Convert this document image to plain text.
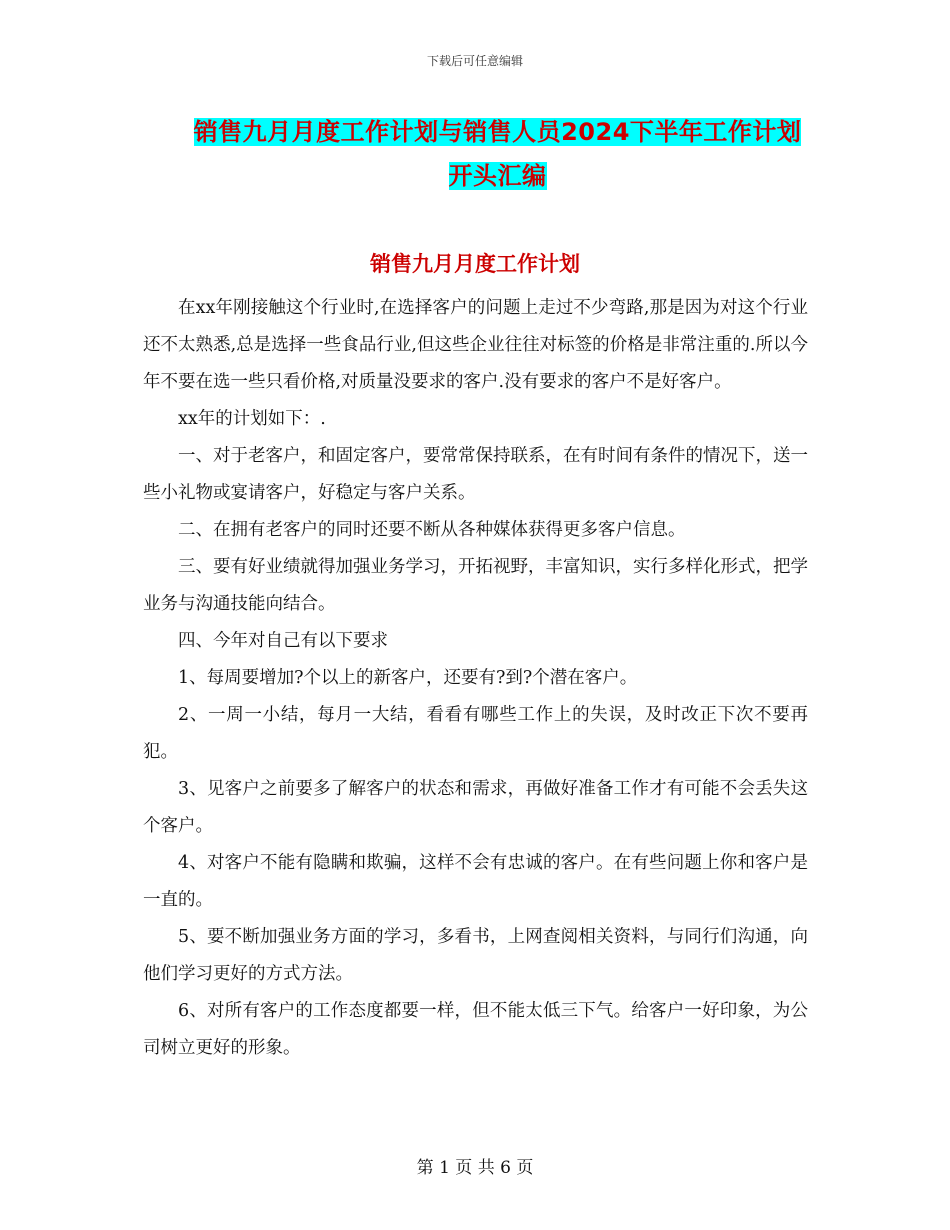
下载后可任意编辑
销售九月月度工作计划与销售人员2024下半年工作计划开头汇编
销售九月月度工作计划

在xx年刚接触这个行业时,在选择客户的问题上走过不少弯路,那是因为对这个行业还不太熟悉,总是选择一些食品行业,但这些企业往往对标签的价格是非常注重的.所以今年不要在选一些只看价格,对质量没要求的客户.没有要求的客户不是好客户。

xx年的计划如下：.

一、对于老客户，和固定客户，要常常保持联系，在有时间有条件的情况下，送一些小礼物或宴请客户，好稳定与客户关系。

二、在拥有老客户的同时还要不断从各种媒体获得更多客户信息。

三、要有好业绩就得加强业务学习，开拓视野，丰富知识，实行多样化形式，把学业务与沟通技能向结合。

四、今年对自己有以下要求

1、每周要增加?个以上的新客户，还要有?到?个潜在客户。

2、一周一小结，每月一大结，看看有哪些工作上的失误，及时改正下次不要再犯。

3、见客户之前要多了解客户的状态和需求，再做好准备工作才有可能不会丢失这个客户。

4、对客户不能有隐瞒和欺骗，这样不会有忠诚的客户。在有些问题上你和客户是一直的。

5、要不断加强业务方面的学习，多看书，上网查阅相关资料，与同行们沟通，向他们学习更好的方式方法。

6、对所有客户的工作态度都要一样，但不能太低三下气。给客户一好印象，为公司树立更好的形象。

第 1 页 共 6 页
